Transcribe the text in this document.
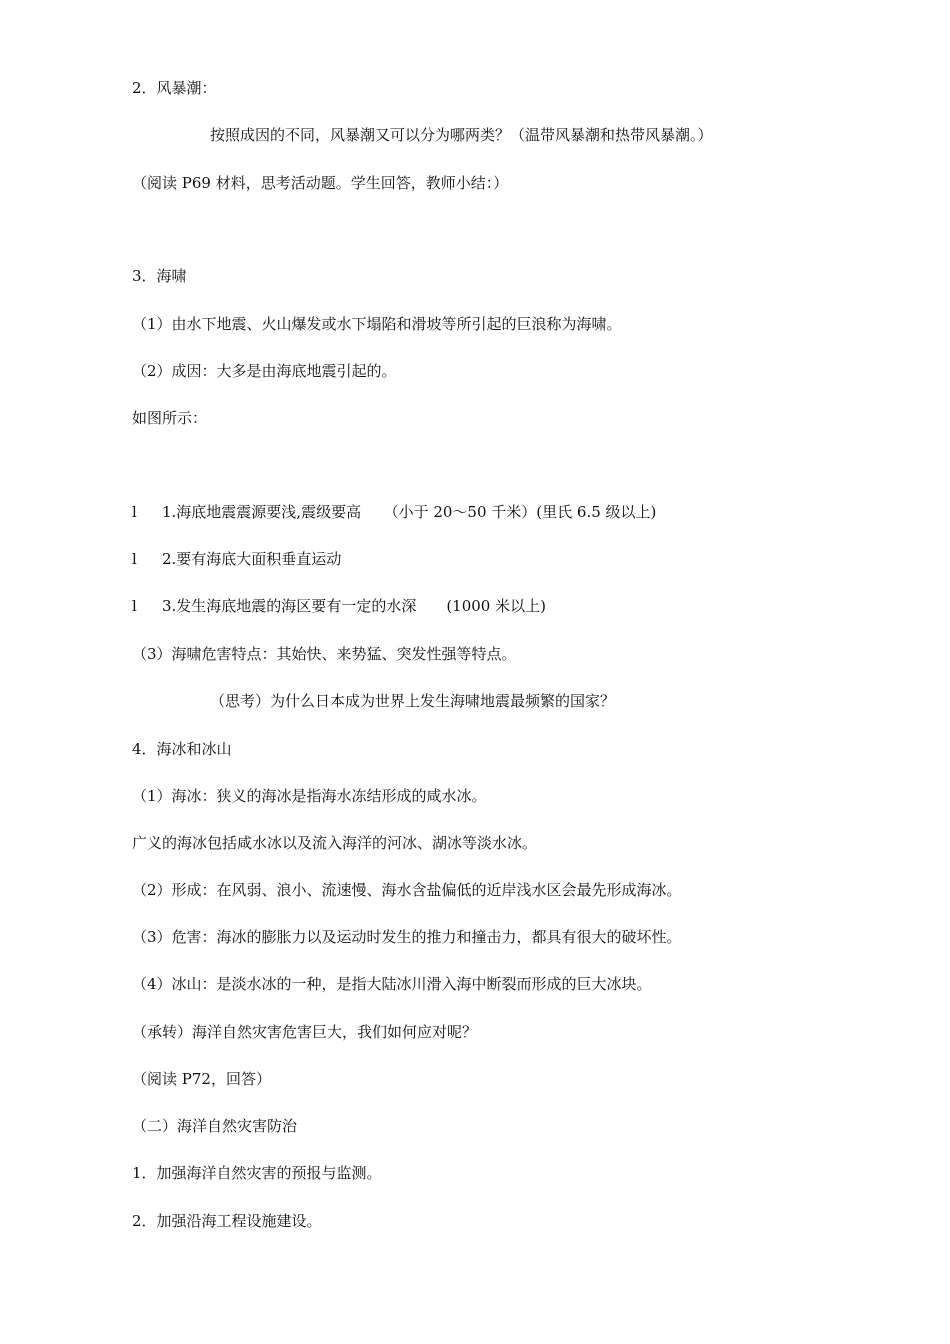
2．风暴潮：
按照成因的不同，风暴潮又可以分为哪两类？（温带风暴潮和热带风暴潮。）
（阅读 P69 材料，思考活动题。学生回答，教师小结：）
3．海啸
（1）由水下地震、火山爆发或水下塌陷和滑坡等所引起的巨浪称为海啸。
（2）成因：大多是由海底地震引起的。
如图所示：
l 1.海底地震震源要浅,震级要高　　（小于 20～50 千米）(里氏 6.5 级以上)
l 2.要有海底大面积垂直运动
l 3.发生海底地震的海区要有一定的水深　　(1000 米以上)
（3）海啸危害特点：其始快、来势猛、突发性强等特点。
（思考）为什么日本成为世界上发生海啸地震最频繁的国家？
4．海冰和冰山
（1）海冰：狭义的海冰是指海水冻结形成的咸水冰。
广义的海冰包括咸水冰以及流入海洋的河冰、湖冰等淡水冰。
（2）形成：在风弱、浪小、流速慢、海水含盐偏低的近岸浅水区会最先形成海冰。
（3）危害：海冰的膨胀力以及运动时发生的推力和撞击力，都具有很大的破坏性。
（4）冰山：是淡水冰的一种，是指大陆冰川滑入海中断裂而形成的巨大冰块。
（承转）海洋自然灾害危害巨大，我们如何应对呢？
（阅读 P72，回答）
（二）海洋自然灾害防治
1．加强海洋自然灾害的预报与监测。
2．加强沿海工程设施建设。
